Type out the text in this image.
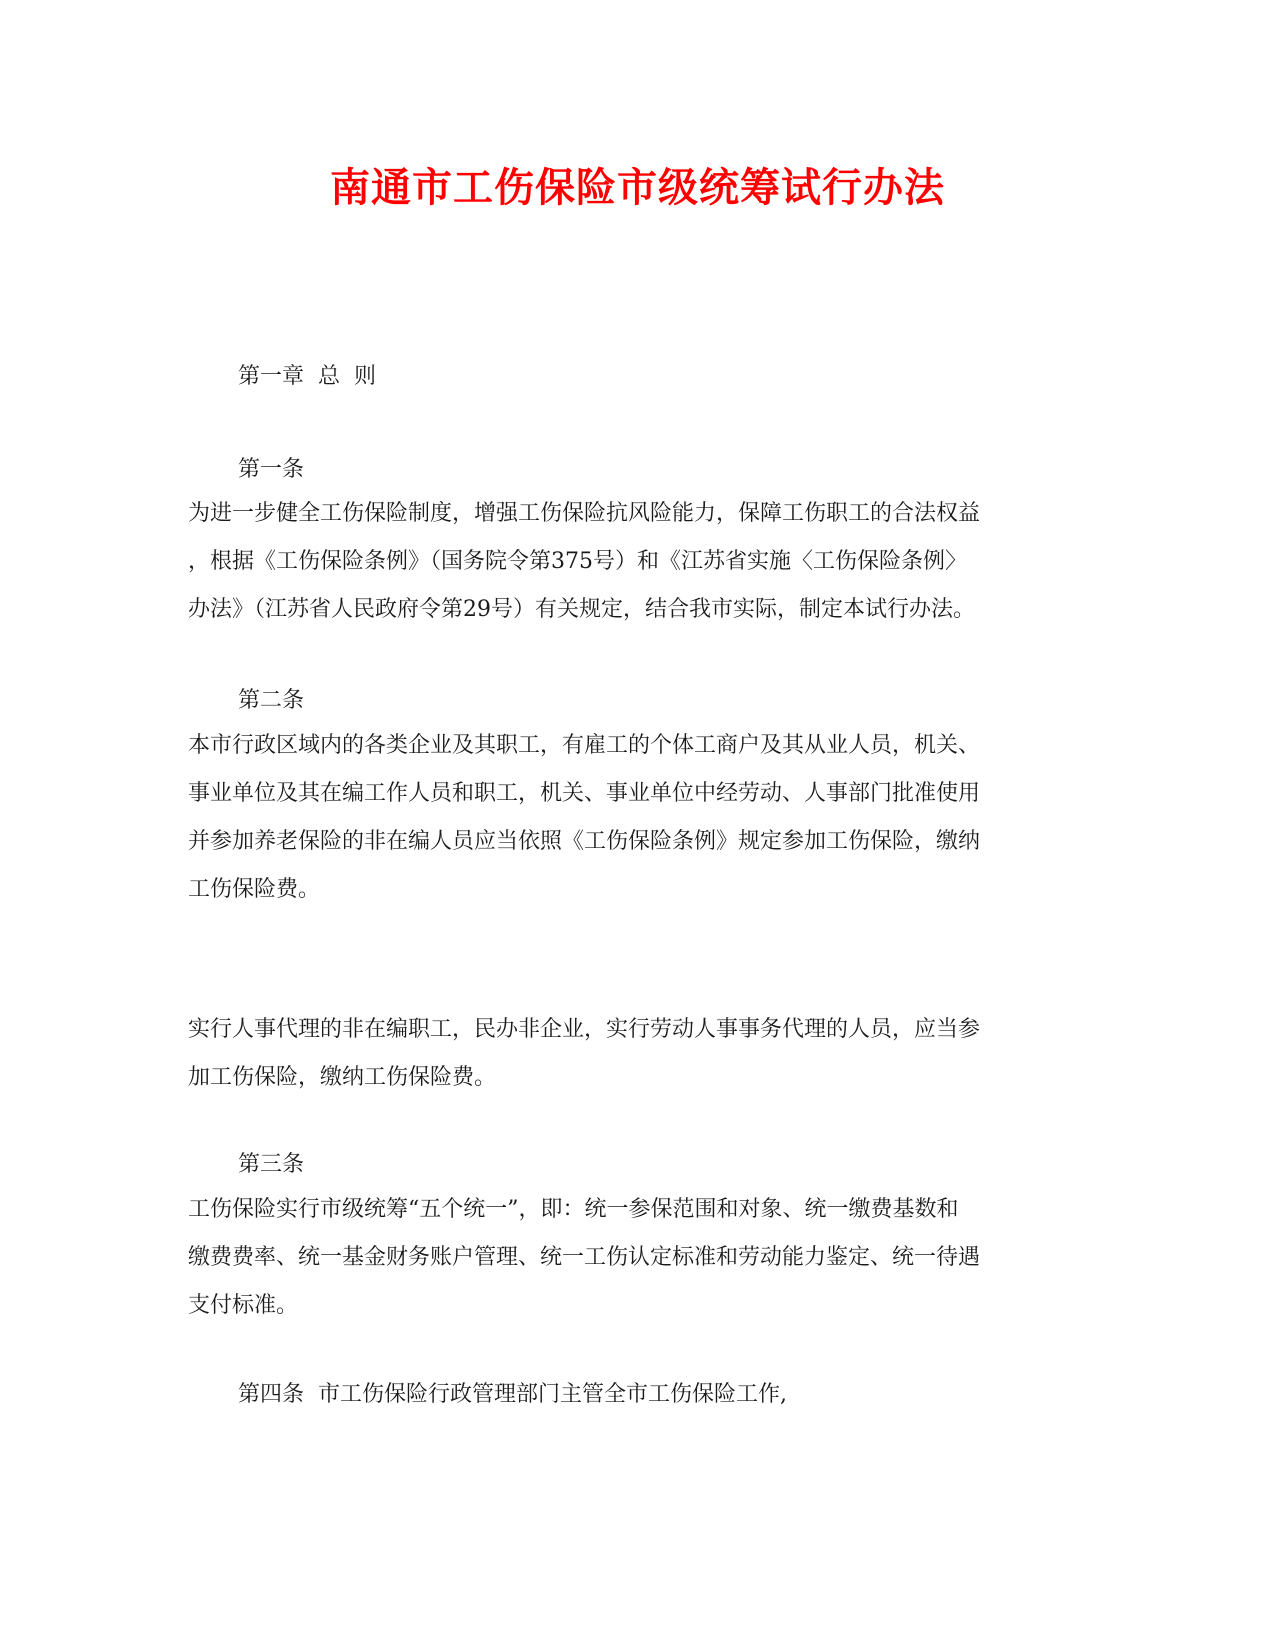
南通市工伤保险市级统筹试行办法
第一章  总  则
第一条
为进一步健全工伤保险制度，增强工伤保险抗风险能力，保障工伤职工的合法权益
，根据《工伤保险条例》（国务院令第375号）和《江苏省实施〈工伤保险条例〉
办法》（江苏省人民政府令第29号）有关规定，结合我市实际，制定本试行办法。
第二条
本市行政区域内的各类企业及其职工，有雇工的个体工商户及其从业人员，机关、
事业单位及其在编工作人员和职工，机关、事业单位中经劳动、人事部门批准使用
并参加养老保险的非在编人员应当依照《工伤保险条例》规定参加工伤保险，缴纳
工伤保险费。
实行人事代理的非在编职工，民办非企业，实行劳动人事事务代理的人员，应当参
加工伤保险，缴纳工伤保险费。
第三条
工伤保险实行市级统筹“五个统一”，即：统一参保范围和对象、统一缴费基数和
缴费费率、统一基金财务账户管理、统一工伤认定标准和劳动能力鉴定、统一待遇
支付标准。
第四条  市工伤保险行政管理部门主管全市工伤保险工作,
